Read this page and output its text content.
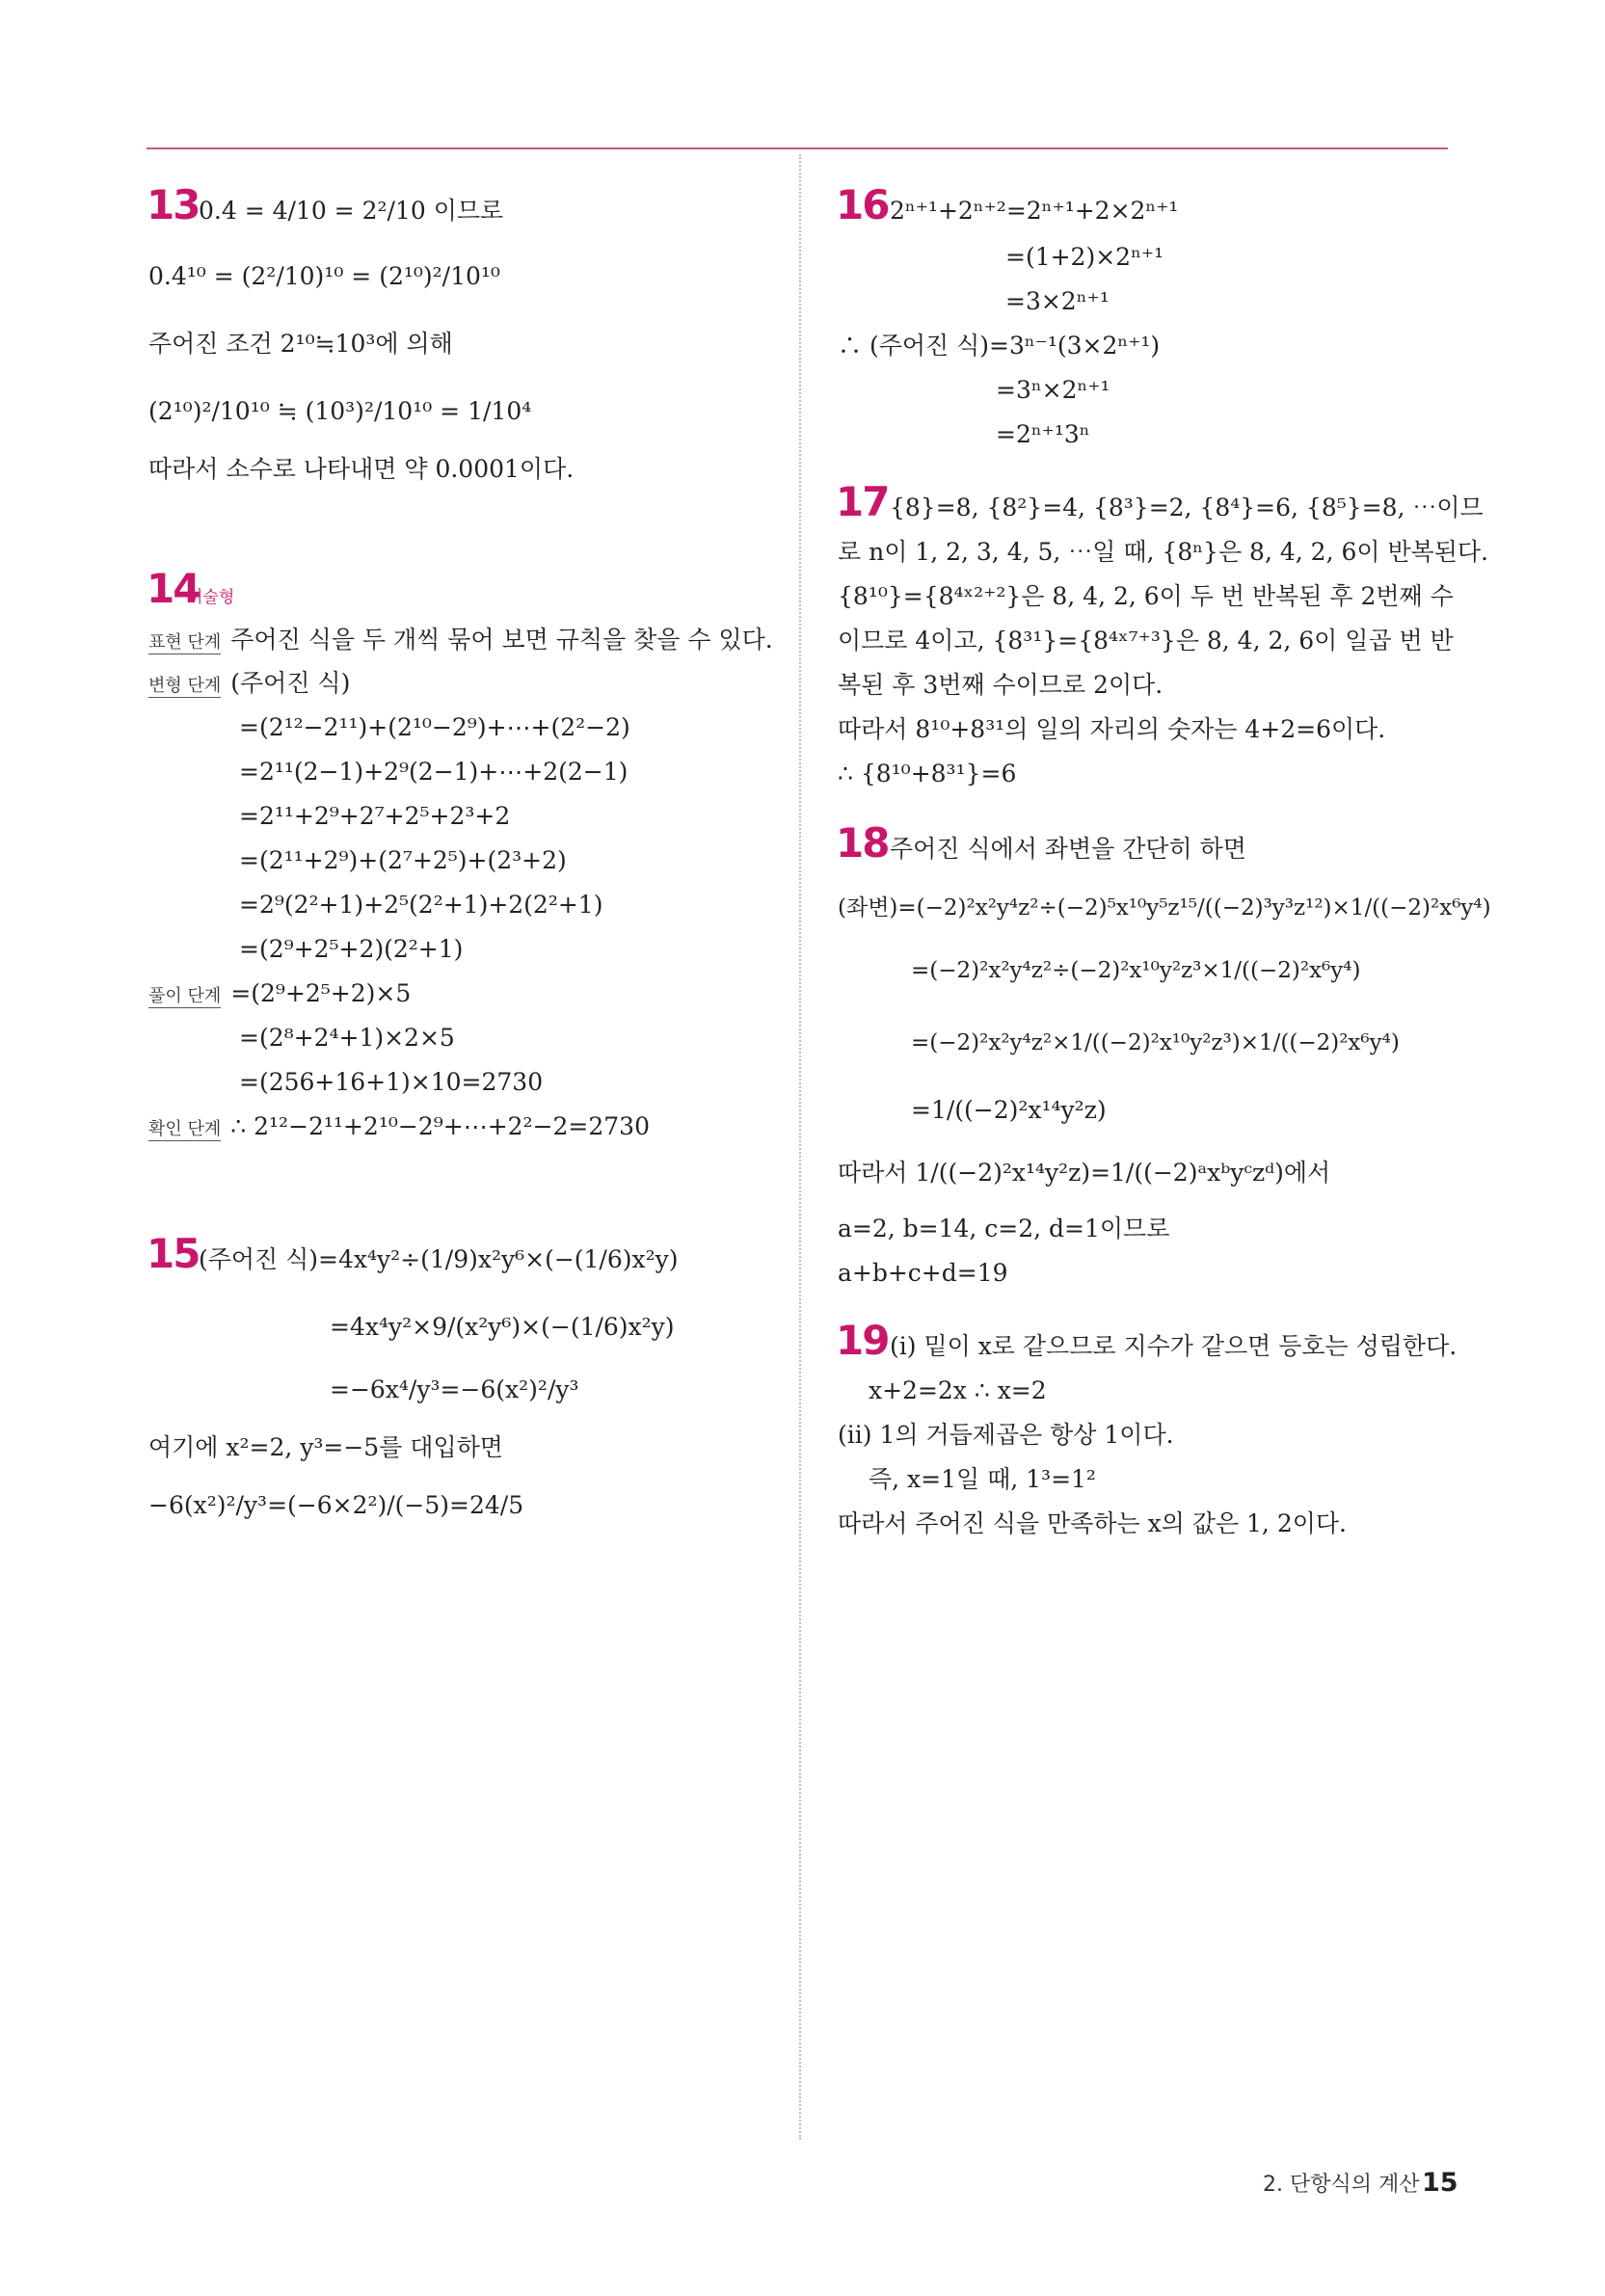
13 0.4 = 4/10 = 2²/10 이므로
0.4¹⁰ = (2²/10)¹⁰ = (2¹⁰)²/10¹⁰
주어진 조건 2¹⁰≒10³에 의해
(2¹⁰)²/10¹⁰ ≒ (10³)²/10¹⁰ = 1/10⁴
따라서 소수로 나타내면 약 0.0001이다.
14
서술형
표현 단계 주어진 식을 두 개씩 묶어 보면 규칙을 찾을 수 있다.
변형 단계 (주어진 식)
=(2¹²−2¹¹)+(2¹⁰−2⁹)+⋯+(2²−2)
=2¹¹(2−1)+2⁹(2−1)+⋯+2(2−1)
=2¹¹+2⁹+2⁷+2⁵+2³+2
=(2¹¹+2⁹)+(2⁷+2⁵)+(2³+2)
=2⁹(2²+1)+2⁵(2²+1)+2(2²+1)
=(2⁹+2⁵+2)(2²+1)
풀이 단계 =(2⁹+2⁵+2)×5
=(2⁸+2⁴+1)×2×5
=(256+16+1)×10=2730
확인 단계 ∴ 2¹²−2¹¹+2¹⁰−2⁹+⋯+2²−2=2730
15 (주어진 식)=4x⁴y²÷(1/9)x²y⁶×(−(1/6)x²y)
=4x⁴y²×9/(x²y⁶)×(−(1/6)x²y)
=−6x⁴/y³=−6(x²)²/y³
여기에 x²=2, y³=−5를 대입하면
−6(x²)²/y³=(−6×2²)/(−5)=24/5
16 2ⁿ⁺¹+2ⁿ⁺²=2ⁿ⁺¹+2×2ⁿ⁺¹
=(1+2)×2ⁿ⁺¹
=3×2ⁿ⁺¹
∴ (주어진 식)=3ⁿ⁻¹(3×2ⁿ⁺¹)
=3ⁿ×2ⁿ⁺¹
=2ⁿ⁺¹3ⁿ
17 {8}=8, {8²}=4, {8³}=2, {8⁴}=6, {8⁵}=8, ⋯이므
로 n이 1, 2, 3, 4, 5, ⋯일 때, {8ⁿ}은 8, 4, 2, 6이 반복된다.
{8¹⁰}={8⁴ˣ²⁺²}은 8, 4, 2, 6이 두 번 반복된 후 2번째 수
이므로 4이고, {8³¹}={8⁴ˣ⁷⁺³}은 8, 4, 2, 6이 일곱 번 반
복된 후 3번째 수이므로 2이다.
따라서 8¹⁰+8³¹의 일의 자리의 숫자는 4+2=6이다.
∴ {8¹⁰+8³¹}=6
18 주어진 식에서 좌변을 간단히 하면
(좌변)=(−2)²x²y⁴z²÷(−2)⁵x¹⁰y⁵z¹⁵/((−2)³y³z¹²)×1/((−2)²x⁶y⁴)
=(−2)²x²y⁴z²÷(−2)²x¹⁰y²z³×1/((−2)²x⁶y⁴)
=(−2)²x²y⁴z²×1/((−2)²x¹⁰y²z³)×1/((−2)²x⁶y⁴)
=1/((−2)²x¹⁴y²z)
따라서 1/((−2)²x¹⁴y²z)=1/((−2)ᵃxᵇyᶜzᵈ)에서
a=2, b=14, c=2, d=1이므로
a+b+c+d=19
19 (ⅰ) 밑이 x로 같으므로 지수가 같으면 등호는 성립한다.
x+2=2x ∴ x=2
(ⅱ) 1의 거듭제곱은 항상 1이다.
즉, x=1일 때, 1³=1²
따라서 주어진 식을 만족하는 x의 값은 1, 2이다.
2. 단항식의 계산 15
